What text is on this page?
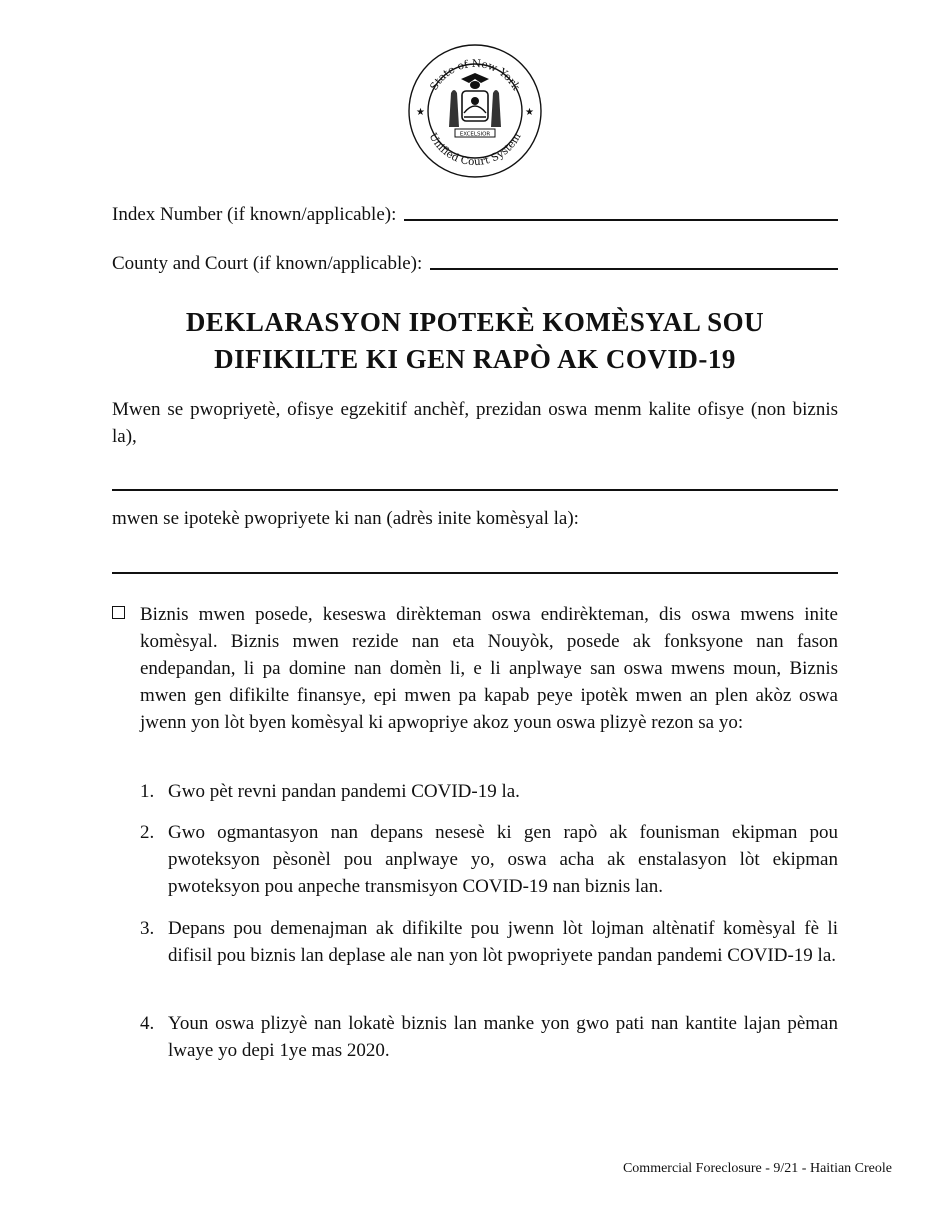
State of New York
Unified Court System
★	★
EXCELSIOR
Index Number (if known/applicable):
County and Court (if known/applicable):
DEKLARASYON IPOTEKÈ KOMÈSYAL SOU
DIFIKILTE KI GEN RAPÒ AK COVID-19
Mwen se pwopriyetè, ofisye egzekitif anchèf, prezidan oswa menm kalite ofisye (non biznis la),
mwen se ipotekè pwopriyete ki nan (adrès inite komèsyal la):
Biznis mwen posede, keseswa dirèkteman oswa endirèkteman, dis oswa mwens inite komèsyal. Biznis mwen rezide nan eta Nouyòk, posede ak fonksyone nan fason endepandan, li pa domine nan domèn li, e li anplwaye san oswa mwens moun, Biznis mwen gen difikilte finansye, epi mwen pa kapab peye ipotèk mwen an plen akòz oswa jwenn yon lòt byen komèsyal ki apwopriye akoz youn oswa plizyè rezon sa yo:
1. Gwo pèt revni pandan pandemi COVID-19 la.
2. Gwo ogmantasyon nan depans nesesè ki gen rapò ak founisman ekipman pou pwoteksyon pèsonèl pou anplwaye yo, oswa acha ak enstalasyon lòt ekipman pwoteksyon pou anpeche transmisyon COVID-19 nan biznis lan.
3. Depans pou demenajman ak difikilte pou jwenn lòt lojman altènatif komèsyal fè li difisil pou biznis lan deplase ale nan yon lòt pwopriyete pandan pandemi COVID-19 la.
4. Youn oswa plizyè nan lokatè biznis lan manke yon gwo pati nan kantite lajan pèman lwaye yo depi 1ye mas 2020.
Commercial Foreclosure - 9/21 - Haitian Creole
